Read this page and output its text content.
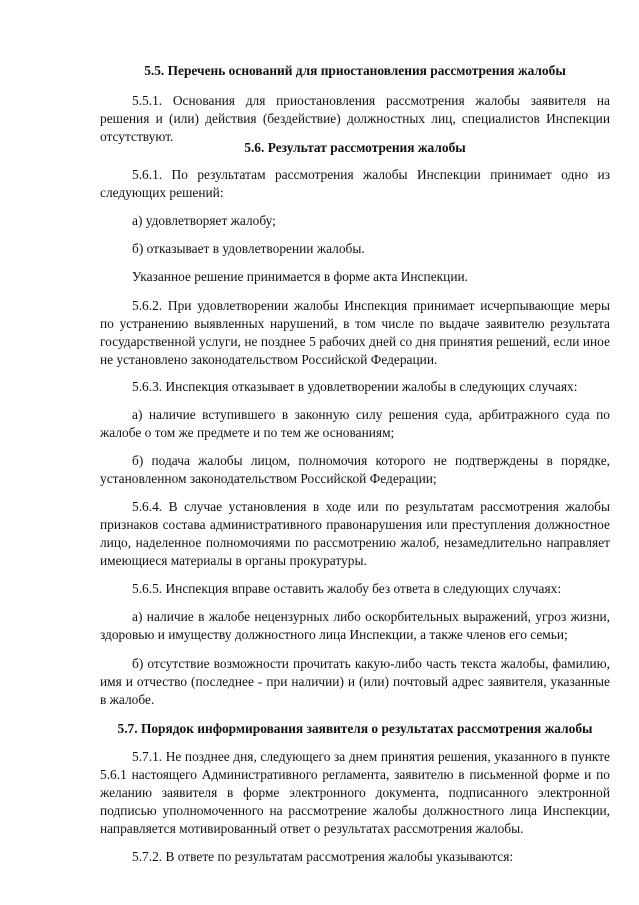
5.5. Перечень оснований для приостановления рассмотрения жалобы

5.5.1. Основания для приостановления рассмотрения жалобы заявителя на решения и (или) действия (бездействие) должностных лиц, специалистов Инспекции отсутствуют.

5.6. Результат рассмотрения жалобы

5.6.1. По результатам рассмотрения жалобы Инспекции принимает одно из следующих решений:

а) удовлетворяет жалобу;

б) отказывает в удовлетворении жалобы.

Указанное решение принимается в форме акта Инспекции.

5.6.2. При удовлетворении жалобы Инспекция принимает исчерпывающие меры по устранению выявленных нарушений, в том числе по выдаче заявителю результата государственной услуги, не позднее 5 рабочих дней со дня принятия решений, если иное не установлено законодательством Российской Федерации.

5.6.3. Инспекция отказывает в удовлетворении жалобы в следующих случаях:

а) наличие вступившего в законную силу решения суда, арбитражного суда по жалобе о том же предмете и по тем же основаниям;

б) подача жалобы лицом, полномочия которого не подтверждены в порядке, установленном законодательством Российской Федерации;

5.6.4. В случае установления в ходе или по результатам рассмотрения жалобы признаков состава административного правонарушения или преступления должностное лицо, наделенное полномочиями по рассмотрению жалоб, незамедлительно направляет имеющиеся материалы в органы прокуратуры.

5.6.5. Инспекция вправе оставить жалобу без ответа в следующих случаях:

а) наличие в жалобе нецензурных либо оскорбительных выражений, угроз жизни, здоровью и имуществу должностного лица Инспекции, а также членов его семьи;

б) отсутствие возможности прочитать какую-либо часть текста жалобы, фамилию, имя и отчество (последнее - при наличии) и (или) почтовый адрес заявителя, указанные в жалобе.

5.7. Порядок информирования заявителя о результатах рассмотрения жалобы

5.7.1. Не позднее дня, следующего за днем принятия решения, указанного в пункте 5.6.1 настоящего Административного регламента, заявителю в письменной форме и по желанию заявителя в форме электронного документа, подписанного электронной подписью уполномоченного на рассмотрение жалобы должностного лица Инспекции, направляется мотивированный ответ о результатах рассмотрения жалобы.

5.7.2. В ответе по результатам рассмотрения жалобы указываются:
